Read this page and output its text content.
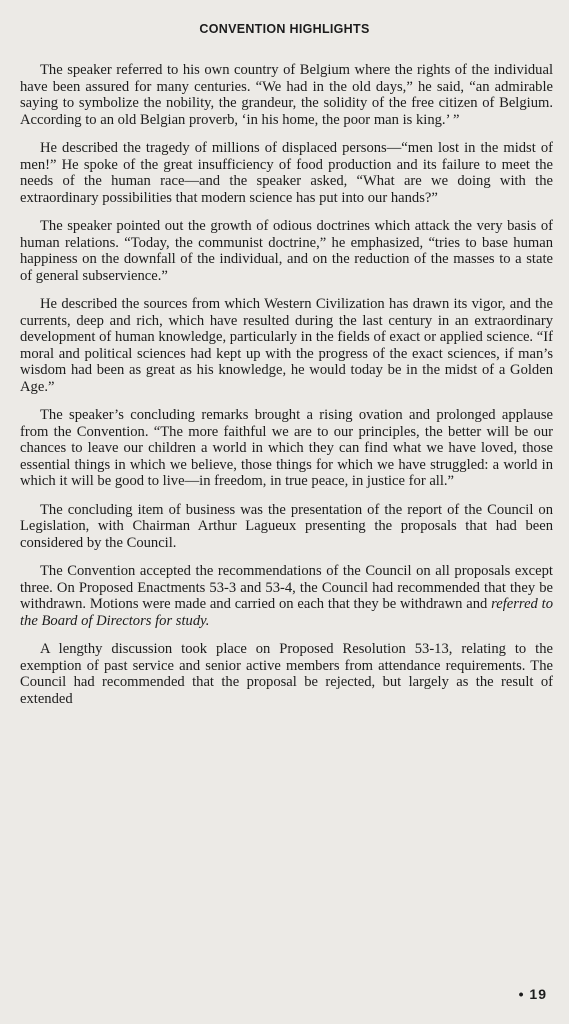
CONVENTION HIGHLIGHTS

The speaker referred to his own country of Belgium where the rights of the individual have been assured for many centuries. “We had in the old days,” he said, “an admirable saying to symbolize the nobility, the grandeur, the solidity of the free citizen of Belgium. According to an old Belgian proverb, ‘in his home, the poor man is king.’ ”

He described the tragedy of millions of displaced persons—“men lost in the midst of men!” He spoke of the great insufficiency of food production and its failure to meet the needs of the human race—and the speaker asked, “What are we doing with the extraordinary possibilities that modern science has put into our hands?”

The speaker pointed out the growth of odious doctrines which attack the very basis of human relations. “Today, the communist doctrine,” he emphasized, “tries to base human happiness on the downfall of the individual, and on the reduction of the masses to a state of general subservience.”

He described the sources from which Western Civilization has drawn its vigor, and the currents, deep and rich, which have resulted during the last century in an extraordinary development of human knowledge, particularly in the fields of exact or applied science. “If moral and political sciences had kept up with the progress of the exact sciences, if man’s wisdom had been as great as his knowledge, he would today be in the midst of a Golden Age.”

The speaker’s concluding remarks brought a rising ovation and prolonged applause from the Convention. “The more faithful we are to our principles, the better will be our chances to leave our children a world in which they can find what we have loved, those essential things in which we believe, those things for which we have struggled: a world in which it will be good to live—in freedom, in true peace, in justice for all.”

The concluding item of business was the presentation of the report of the Council on Legislation, with Chairman Arthur Lagueux presenting the proposals that had been considered by the Council.

The Convention accepted the recommendations of the Council on all proposals except three. On Proposed Enactments 53-3 and 53-4, the Council had recommended that they be withdrawn. Motions were made and carried on each that they be withdrawn and referred to the Board of Directors for study.

A lengthy discussion took place on Proposed Resolution 53-13, relating to the exemption of past service and senior active members from attendance requirements. The Council had recommended that the proposal be rejected, but largely as the result of extended

• 19
